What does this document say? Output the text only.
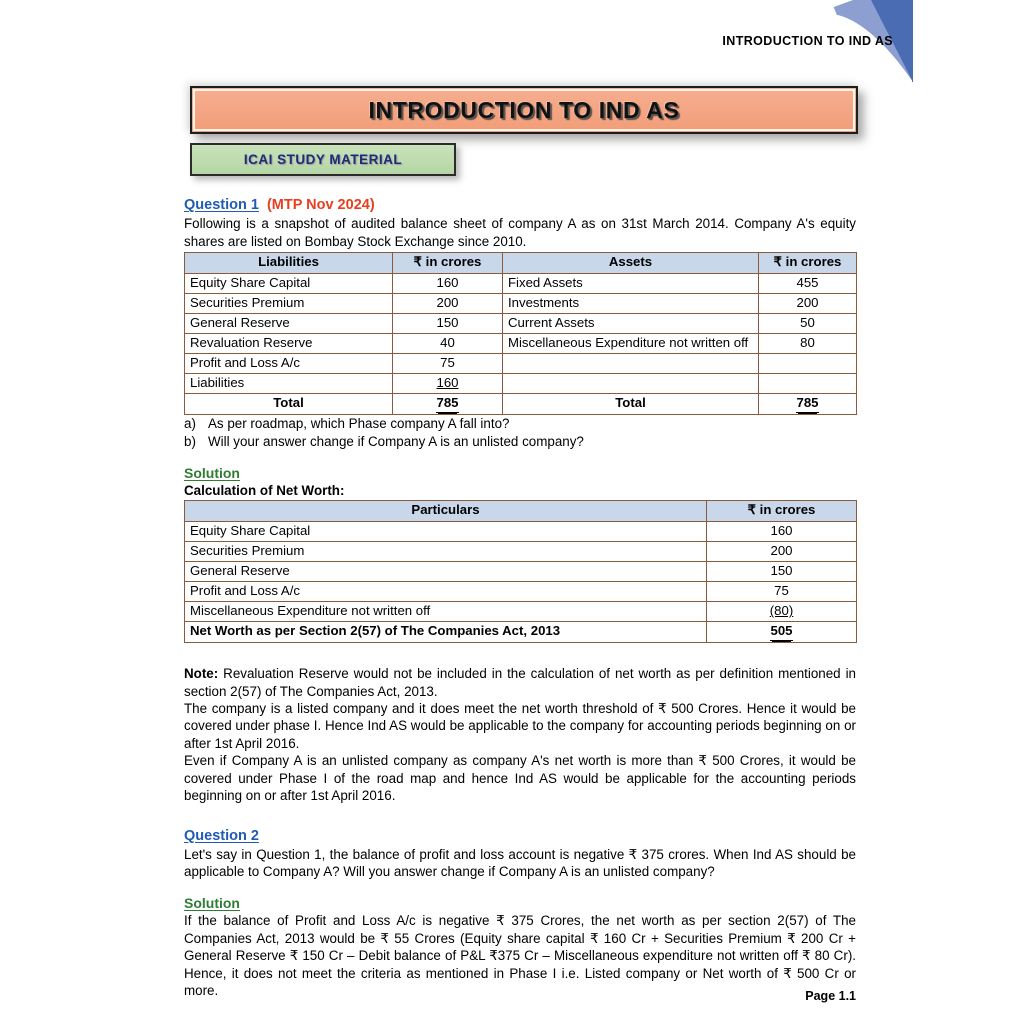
INTRODUCTION TO IND AS
INTRODUCTION TO IND AS
ICAI STUDY MATERIAL
Question 1 (MTP Nov 2024)

Following is a snapshot of audited balance sheet of company A as on 31st March 2014. Company A's equity shares are listed on Bombay Stock Exchange since 2010.

Liabilities	₹ in crores	Assets	₹ in crores
Equity Share Capital	160	Fixed Assets	455
Securities Premium	200	Investments	200
General Reserve	150	Current Assets	50
Revaluation Reserve	40	Miscellaneous Expenditure not written off	80
Profit and Loss A/c	75		
Liabilities	160		
Total	785	Total	785
a) As per roadmap, which Phase company A fall into?
b) Will your answer change if Company A is an unlisted company?
Solution
Calculation of Net Worth:
Particulars	₹ in crores
Equity Share Capital	160
Securities Premium	200
General Reserve	150
Profit and Loss A/c	75
Miscellaneous Expenditure not written off	(80)
Net Worth as per Section 2(57) of The Companies Act, 2013	505

Note: Revaluation Reserve would not be included in the calculation of net worth as per definition mentioned in section 2(57) of The Companies Act, 2013.

The company is a listed company and it does meet the net worth threshold of ₹ 500 Crores. Hence it would be covered under phase I. Hence Ind AS would be applicable to the company for accounting periods beginning on or after 1st April 2016.

Even if Company A is an unlisted company as company A's net worth is more than ₹ 500 Crores, it would be covered under Phase I of the road map and hence Ind AS would be applicable for the accounting periods beginning on or after 1st April 2016.

Question 2

Let's say in Question 1, the balance of profit and loss account is negative ₹ 375 crores. When Ind AS should be applicable to Company A? Will you answer change if Company A is an unlisted company?

Solution

If the balance of Profit and Loss A/c is negative ₹ 375 Crores, the net worth as per section 2(57) of The Companies Act, 2013 would be ₹ 55 Crores (Equity share capital ₹ 160 Cr + Securities Premium ₹ 200 Cr + General Reserve ₹ 150 Cr – Debit balance of P&L ₹375 Cr – Miscellaneous expenditure not written off ₹ 80 Cr). Hence, it does not meet the criteria as mentioned in Phase I i.e. Listed company or Net worth of ₹ 500 Cr or more.	Page 1.1
